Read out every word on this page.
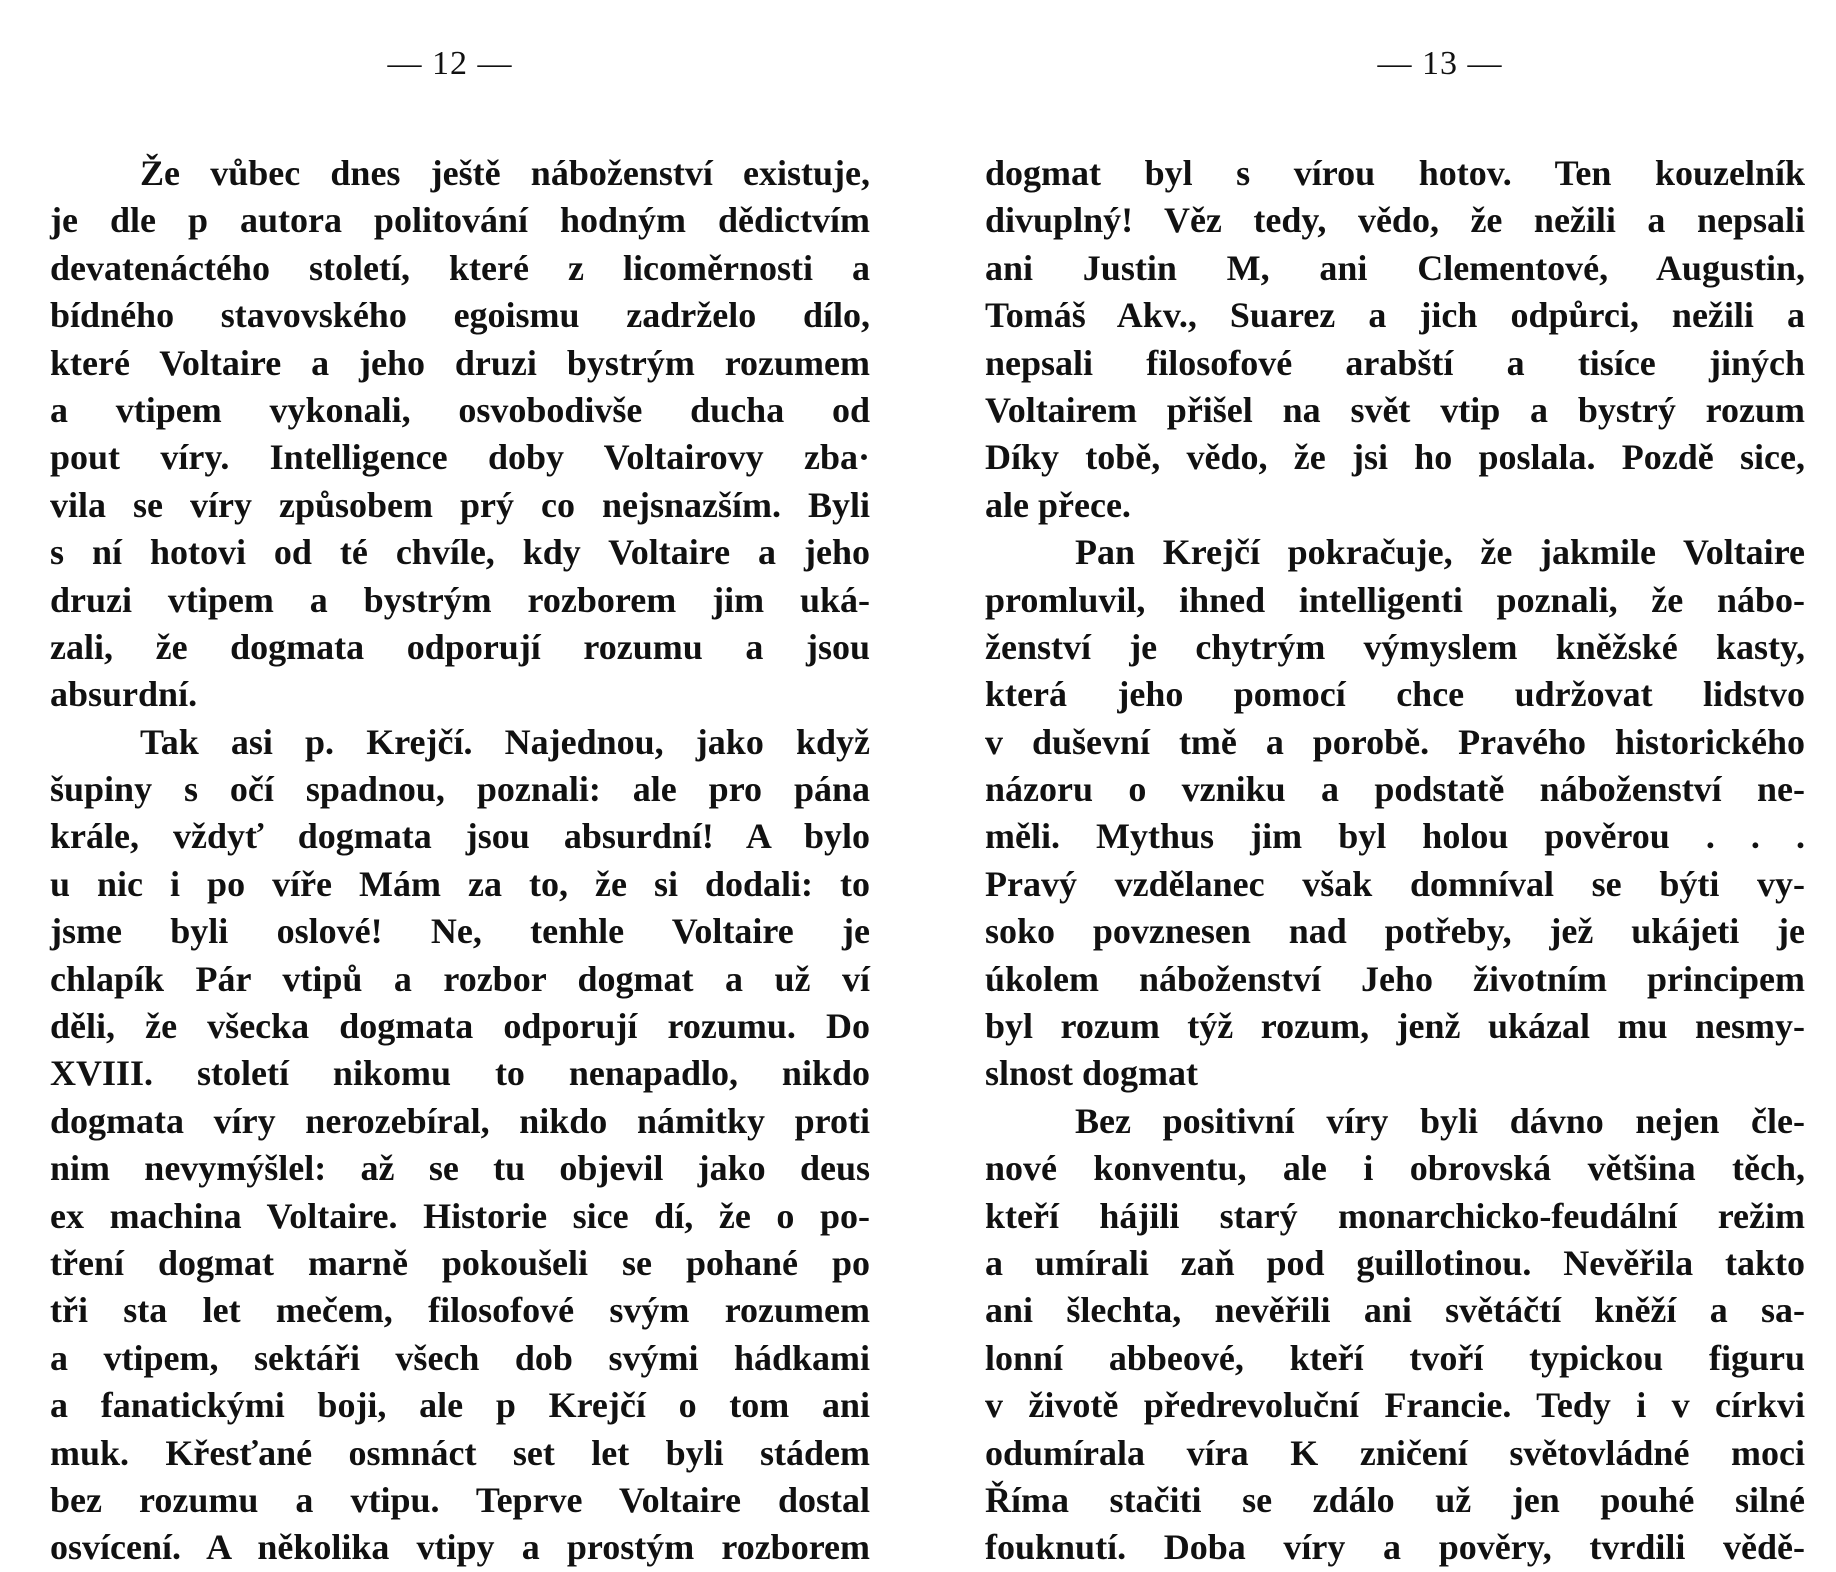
— 12 —
Že vůbec dnes ještě náboženství existuje,
je dle p autora politování hodným dědictvím
devatenáctého století, které z licoměrnosti a
bídného stavovského egoismu zadrželo dílo,
které Voltaire a jeho druzi bystrým rozumem
a vtipem vykonali, osvobodivše ducha od
pout víry. Intelligence doby Voltairovy zba·
vila se víry způsobem prý co nejsnazším. Byli
s ní hotovi od té chvíle, kdy Voltaire a jeho
druzi vtipem a bystrým rozborem jim uká-
zali, že dogmata odporují rozumu a jsou
absurdní.
Tak asi p. Krejčí. Najednou, jako když
šupiny s očí spadnou, poznali: ale pro pána
krále, vždyť dogmata jsou absurdní! A bylo
u nic i po víře Mám za to, že si dodali: to
jsme byli oslové! Ne, tenhle Voltaire je
chlapík Pár vtipů a rozbor dogmat a už ví
děli, že všecka dogmata odporují rozumu. Do
XVIII. století nikomu to nenapadlo, nikdo
dogmata víry nerozebíral, nikdo námitky proti
nim nevymýšlel: až se tu objevil jako deus
ex machina Voltaire. Historie sice dí, že o po-
tření dogmat marně pokoušeli se pohané po
tři sta let mečem, filosofové svým rozumem
a vtipem, sektáři všech dob svými hádkami
a fanatickými boji, ale p Krejčí o tom ani
muk. Křesťané osmnáct set let byli stádem
bez rozumu a vtipu. Teprve Voltaire dostal
osvícení. A několika vtipy a prostým rozborem
— 13 —
dogmat byl s vírou hotov. Ten kouzelník
divuplný! Věz tedy, vědo, že nežili a nepsali
ani Justin M, ani Clementové, Augustin,
Tomáš Akv., Suarez a jich odpůrci, nežili a
nepsali filosofové arabští a tisíce jiných
Voltairem přišel na svět vtip a bystrý rozum
Díky tobě, vědo, že jsi ho poslala. Pozdě sice,
ale přece.
Pan Krejčí pokračuje, že jakmile Voltaire
promluvil, ihned intelligenti poznali, že nábo-
ženství je chytrým výmyslem kněžské kasty,
která jeho pomocí chce udržovat lidstvo
v duševní tmě a porobě. Pravého historického
názoru o vzniku a podstatě náboženství ne-
měli. Mythus jim byl holou pověrou . . .
Pravý vzdělanec však domníval se býti vy-
soko povznesen nad potřeby, jež ukájeti je
úkolem náboženství Jeho životním principem
byl rozum týž rozum, jenž ukázal mu nesmy-
slnost dogmat
Bez positivní víry byli dávno nejen čle-
nové konventu, ale i obrovská většina těch,
kteří hájili starý monarchicko-feudální režim
a umírali zaň pod guillotinou. Nevěřila takto
ani šlechta, nevěřili ani světáčtí kněží a sa-
lonní abbeové, kteří tvoří typickou figuru
v životě předrevoluční Francie. Tedy i v církvi
odumírala víra K zničení světovládné moci
Říma stačiti se zdálo už jen pouhé silné
fouknutí. Doba víry a pověry, tvrdili vědě-
